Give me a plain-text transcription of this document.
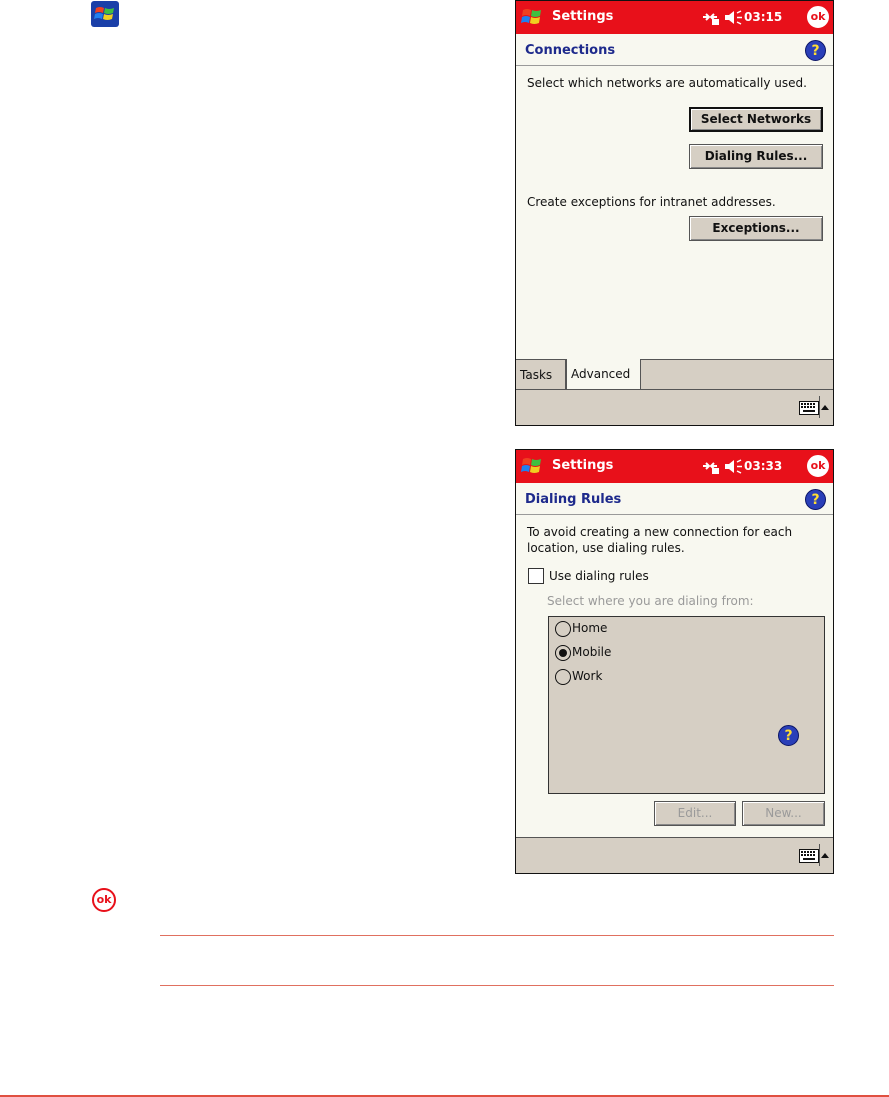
Settings	03:15	ok
Connections	?
Select which networks are automatically used.
Select Networks
Dialing Rules...
Create exceptions for intranet addresses.
Exceptions...
Tasks	Advanced
Settings	03:33	ok
Dialing Rules	?
To avoid creating a new connection for each
location, use dialing rules.
Use dialing rules
Select where you are dialing from:
Home
Mobile
Work
Edit...	New...
ok
?
